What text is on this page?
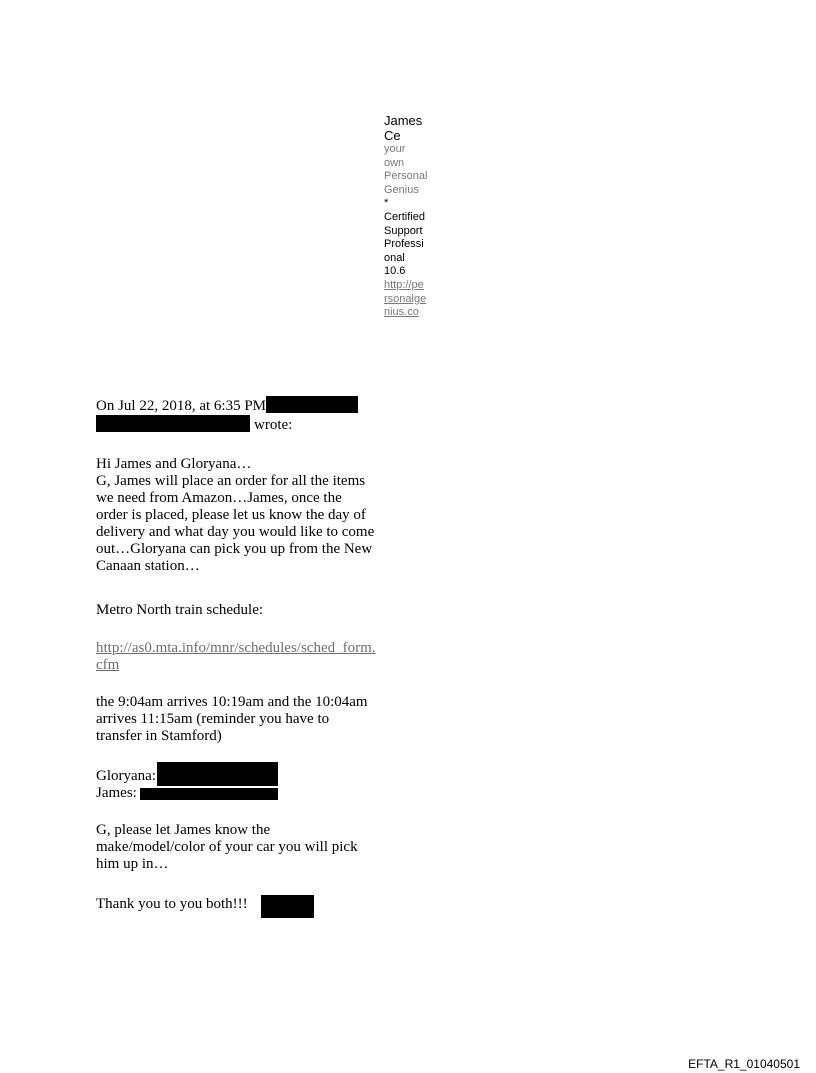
James
Ce
your
own
Personal
Genius
*
Certified
Support
Professi
onal
10.6
http://pe
rsonalge
nius.co

On Jul 22, 2018, at 6:35 PM

wrote:

Hi James and Gloryana…

G, James will place an order for all the items

we need from Amazon…James, once the

order is placed, please let us know the day of

delivery and what day you would like to come

out…Gloryana can pick you up from the New

Canaan station…

Metro North train schedule:

http://as0.mta.info/mnr/schedules/sched_form.

cfm

the 9:04am arrives 10:19am and the 10:04am

arrives 11:15am (reminder you have to

transfer in Stamford)

Gloryana:

James:

G, please let James know the

make/model/color of your car you will pick

him up in…

Thank you to you both!!!
EFTA_R1_01040501
